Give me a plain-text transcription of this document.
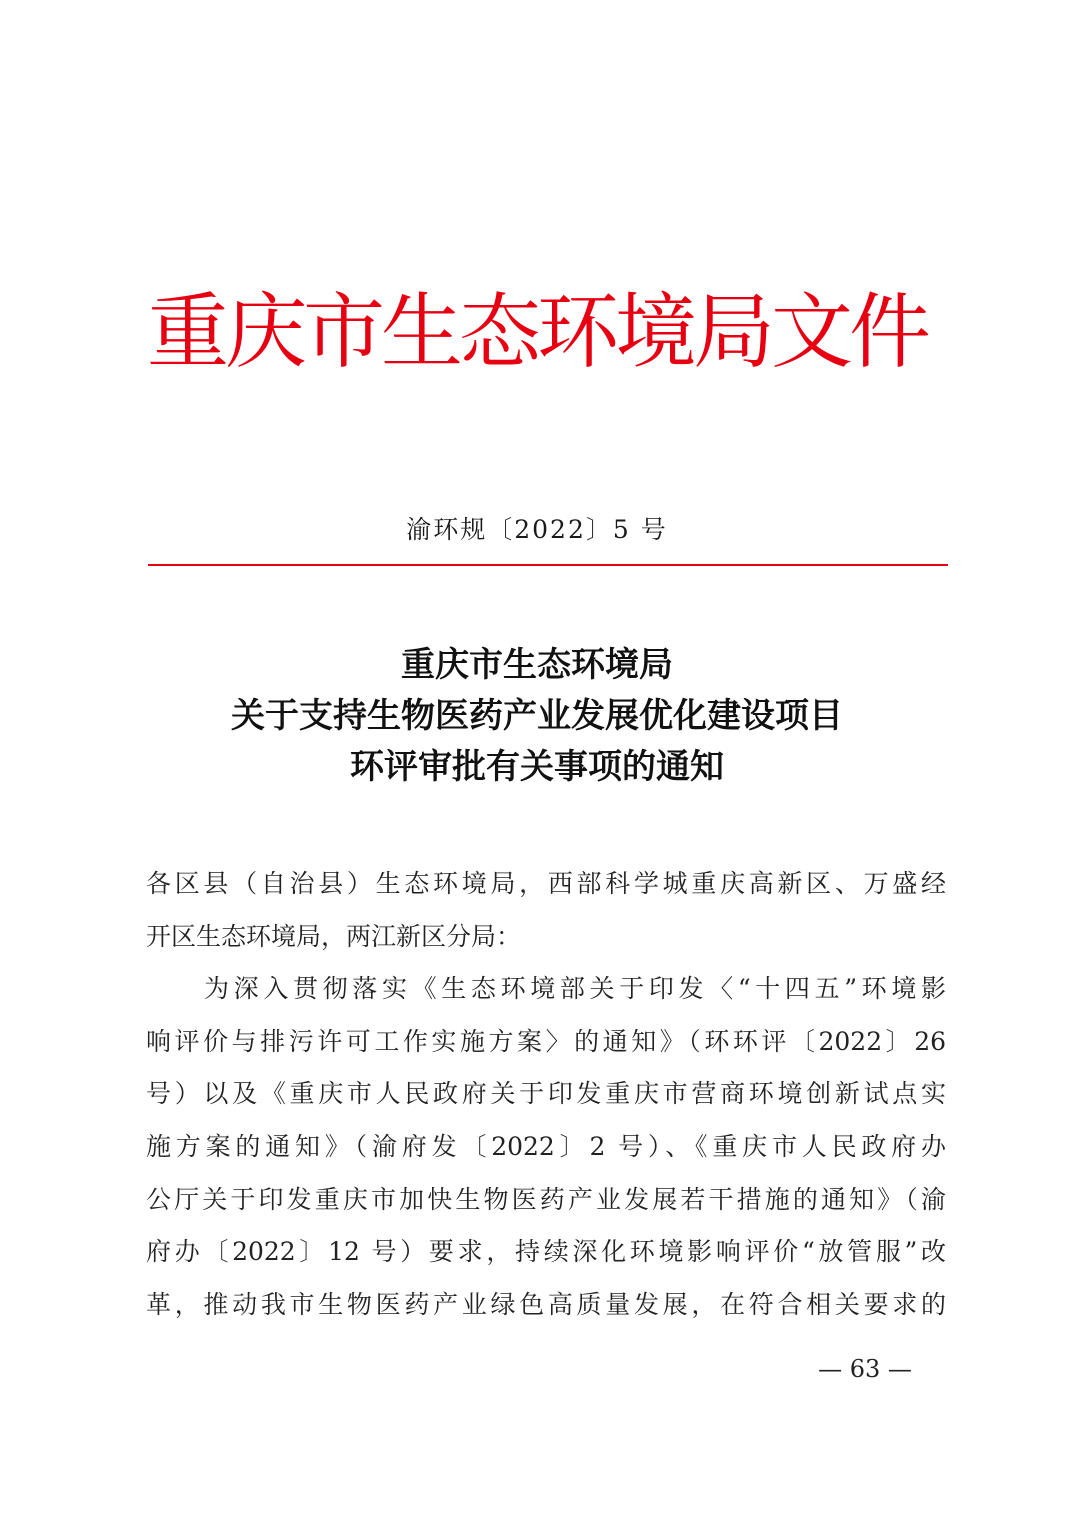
重庆市生态环境局文件
渝环规〔2022〕5 号
重庆市生态环境局
关于支持生物医药产业发展优化建设项目
环评审批有关事项的通知
各区县（自治县）生态环境局，西部科学城重庆高新区、万盛经
开区生态环境局，两江新区分局：
为深入贯彻落实《生态环境部关于印发〈“十四五”环境影
响评价与排污许可工作实施方案〉的通知》（环环评〔2022〕26
号）以及《重庆市人民政府关于印发重庆市营商环境创新试点实
施方案的通知》（渝府发〔2022〕2 号）、《重庆市人民政府办
公厅关于印发重庆市加快生物医药产业发展若干措施的通知》（渝
府办〔2022〕12 号）要求，持续深化环境影响评价“放管服”改
革，推动我市生物医药产业绿色高质量发展，在符合相关要求的
— 63 —
